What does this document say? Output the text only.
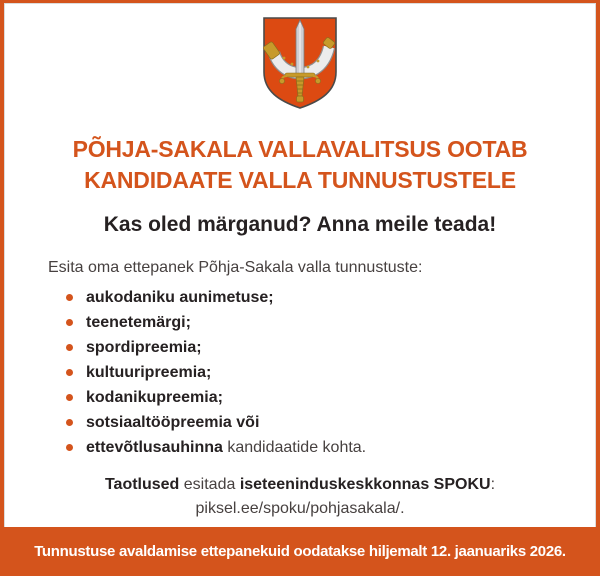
PÕHJA-SAKALA VALLAVALITSUS OOTAB
KANDIDAATE VALLA TUNNUSTUSTELE
Kas oled märganud? Anna meile teada!
Esita oma ettepanek Põhja-Sakala valla tunnustuste:
aukodaniku aunimetuse;
teenetemärgi;
spordipreemia;
kultuuripreemia;
kodanikupreemia;
sotsiaaltööpreemia või
ettevõtlusauhinna kandidaatide kohta.
Taotlused esitada iseteeninduskeskkonnas SPOKU:
piksel.ee/spoku/pohjasakala/.
Tunnustuse avaldamise ettepanekuid oodatakse hiljemalt 12. jaanuariks 2026.
